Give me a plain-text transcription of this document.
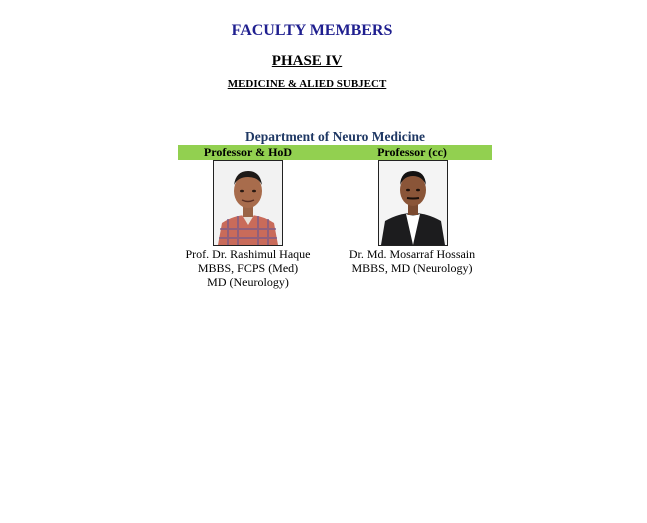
FACULTY MEMBERS
PHASE IV
MEDICINE & ALIED SUBJECT
Department of Neuro Medicine
Professor & HoD	Professor (cc)
Prof. Dr. Rashimul Haque
MBBS, FCPS (Med)
MD (Neurology)
Dr. Md. Mosarraf Hossain
MBBS, MD (Neurology)
